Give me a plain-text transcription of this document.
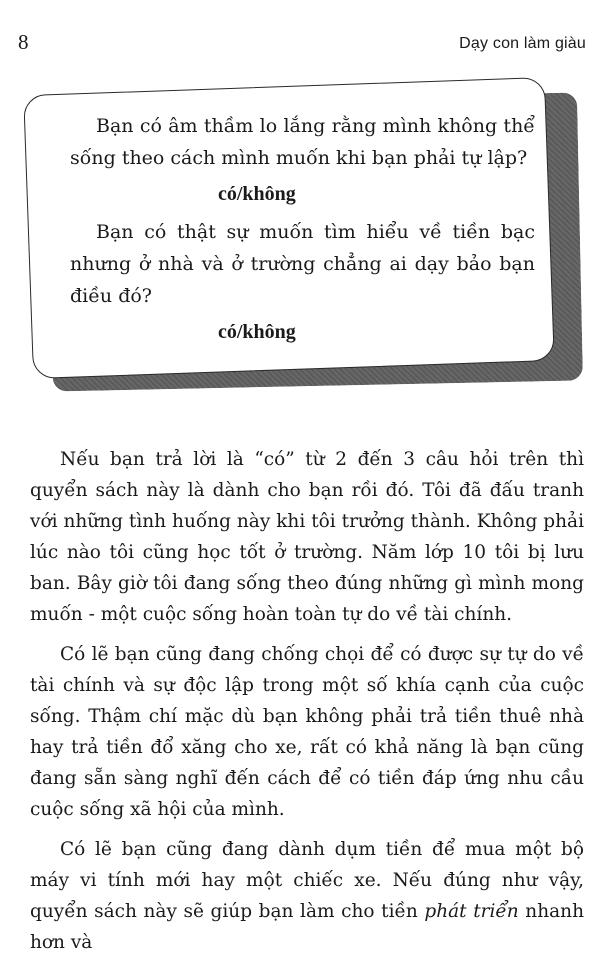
8	Dạy con làm giàu

Bạn có âm thầm lo lắng rằng mình không thể sống theo cách mình muốn khi bạn phải tự lập?

có/không

Bạn có thật sự muốn tìm hiểu về tiền bạc nhưng ở nhà và ở trường chẳng ai dạy bảo bạn điều đó?

có/không

Nếu bạn trả lời là “có” từ 2 đến 3 câu hỏi trên thì quyển sách này là dành cho bạn rồi đó. Tôi đã đấu tranh với những tình huống này khi tôi trưởng thành. Không phải lúc nào tôi cũng học tốt ở trường. Năm lớp 10 tôi bị lưu ban. Bây giờ tôi đang sống theo đúng những gì mình mong muốn - một cuộc sống hoàn toàn tự do về tài chính.

Có lẽ bạn cũng đang chống chọi để có được sự tự do về tài chính và sự độc lập trong một số khía cạnh của cuộc sống. Thậm chí mặc dù bạn không phải trả tiền thuê nhà hay trả tiền đổ xăng cho xe, rất có khả năng là bạn cũng đang sẵn sàng nghĩ đến cách để có tiền đáp ứng nhu cầu cuộc sống xã hội của mình.

Có lẽ bạn cũng đang dành dụm tiền để mua một bộ máy vi tính mới hay một chiếc xe. Nếu đúng như vậy, quyển sách này sẽ giúp bạn làm cho tiền phát triển nhanh hơn và
